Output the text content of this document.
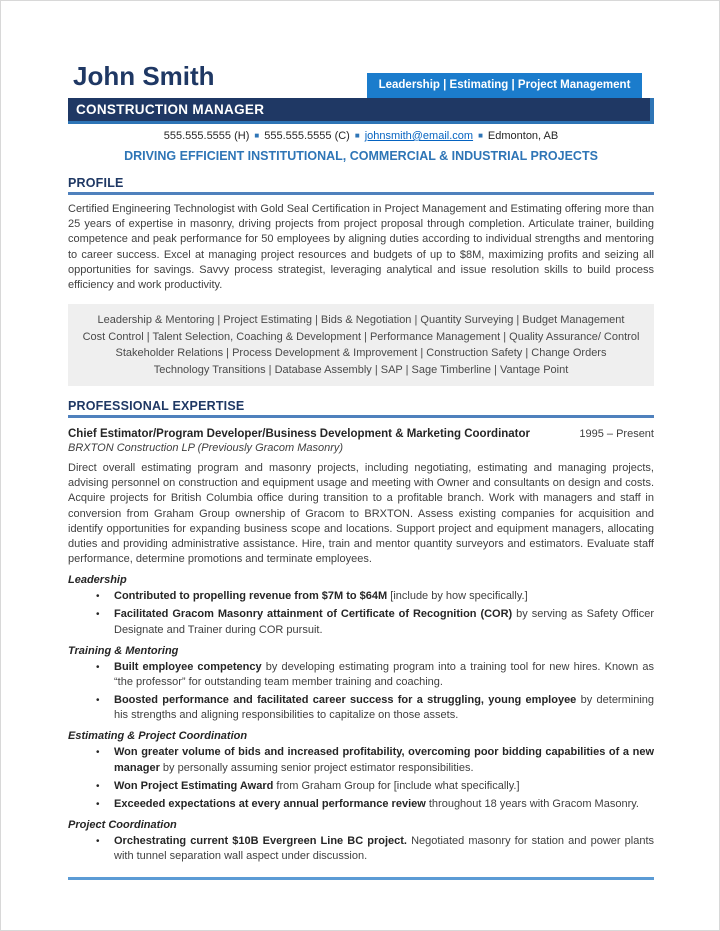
John Smith	Leadership | Estimating | Project Management
CONSTRUCTION MANAGER
555.555.5555 (H) ■ 555.555.5555 (C) ■ johnsmith@email.com ■ Edmonton, AB
DRIVING EFFICIENT INSTITUTIONAL, COMMERCIAL & INDUSTRIAL PROJECTS
PROFILE

Certified Engineering Technologist with Gold Seal Certification in Project Management and Estimating offering more than 25 years of expertise in masonry, driving projects from project proposal through completion. Articulate trainer, building competence and peak performance for 50 employees by aligning duties according to individual strengths and mentoring to career success. Excel at managing project resources and budgets of up to $8M, maximizing profits and seizing all opportunities for savings. Savvy process strategist, leveraging analytical and issue resolution skills to build process efficiency and work productivity.

Leadership & Mentoring | Project Estimating | Bids & Negotiation | Quantity Surveying | Budget Management
Cost Control | Talent Selection, Coaching & Development | Performance Management | Quality Assurance/ Control
Stakeholder Relations | Process Development & Improvement | Construction Safety | Change Orders
Technology Transitions | Database Assembly | SAP | Sage Timberline | Vantage Point
PROFESSIONAL EXPERTISE
Chief Estimator/Program Developer/Business Development & Marketing Coordinator	1995 – Present
BRXTON Construction LP (Previously Gracom Masonry)

Direct overall estimating program and masonry projects, including negotiating, estimating and managing projects, advising personnel on construction and equipment usage and meeting with Owner and consultants on design and costs. Acquire projects for British Columbia office during transition to a profitable branch. Work with managers and staff in conversion from Graham Group ownership of Gracom to BRXTON. Assess existing companies for acquisition and identify opportunities for expanding business scope and locations. Support project and equipment managers, allocating duties and providing administrative assistance. Hire, train and mentor quantity surveyors and estimators. Evaluate staff performance, determine promotions and terminate employees.

Leadership
•	Contributed to propelling revenue from $7M to $64M [include by how specifically.]
•	Facilitated Gracom Masonry attainment of Certificate of Recognition (COR) by serving as Safety Officer Designate and Trainer during COR pursuit.
Training & Mentoring
•	Built employee competency by developing estimating program into a training tool for new hires. Known as “the professor” for outstanding team member training and coaching.
•	Boosted performance and facilitated career success for a struggling, young employee by determining his strengths and aligning responsibilities to capitalize on those assets.
Estimating & Project Coordination
•	Won greater volume of bids and increased profitability, overcoming poor bidding capabilities of a new manager by personally assuming senior project estimator responsibilities.
•	Won Project Estimating Award from Graham Group for [include what specifically.]
•	Exceeded expectations at every annual performance review throughout 18 years with Gracom Masonry.
Project Coordination
•	Orchestrating current $10B Evergreen Line BC project. Negotiated masonry for station and power plants with tunnel separation wall aspect under discussion.
